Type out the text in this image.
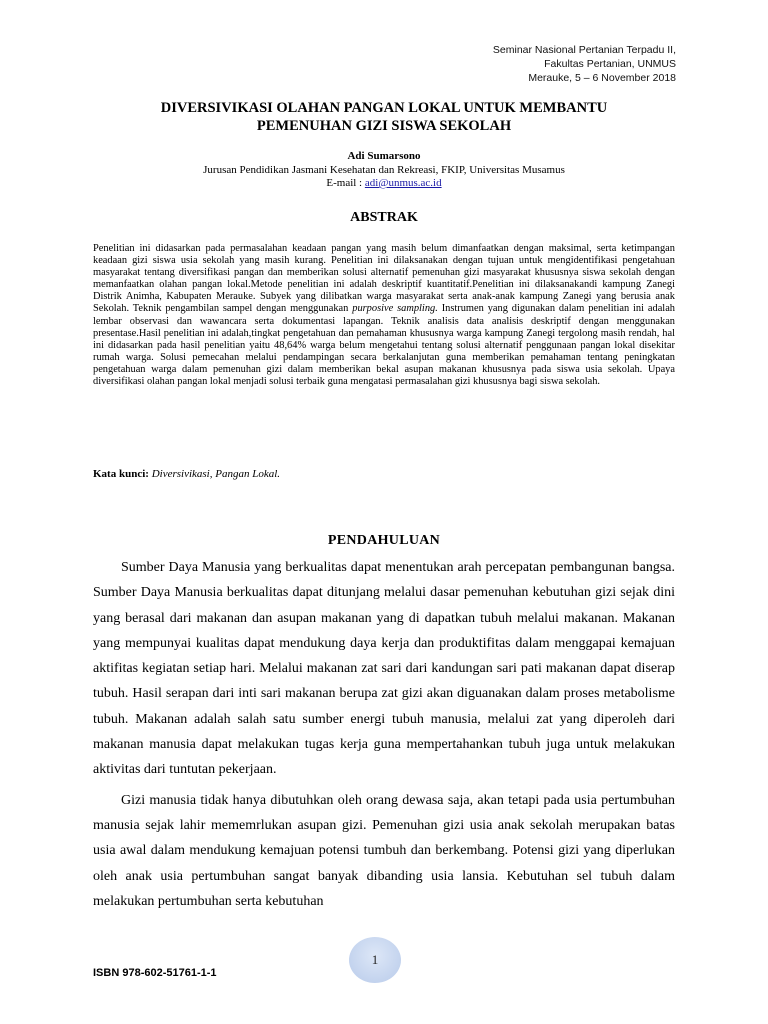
Seminar Nasional Pertanian Terpadu II,
Fakultas Pertanian, UNMUS
Merauke, 5 – 6 November 2018
DIVERSIVIKASI OLAHAN PANGAN LOKAL UNTUK MEMBANTU
PEMENUHAN GIZI SISWA SEKOLAH
Adi Sumarsono
Jurusan Pendidikan Jasmani Kesehatan dan Rekreasi, FKIP, Universitas Musamus
E-mail : adi@unmus.ac.id
ABSTRAK
Penelitian ini didasarkan pada permasalahan keadaan pangan yang masih belum dimanfaatkan dengan maksimal, serta ketimpangan keadaan gizi siswa usia sekolah yang masih kurang. Penelitian ini dilaksanakan dengan tujuan untuk mengidentifikasi pengetahuan masyarakat tentang diversifikasi pangan dan memberikan solusi alternatif pemenuhan gizi masyarakat khususnya siswa sekolah dengan memanfaatkan olahan pangan lokal.Metode penelitian ini adalah deskriptif kuantitatif.Penelitian ini dilaksanakandi kampung Zanegi Distrik Animha, Kabupaten Merauke. Subyek yang dilibatkan warga masyarakat serta anak-anak kampung Zanegi yang berusia anak Sekolah. Teknik pengambilan sampel dengan menggunakan purposive sampling. Instrumen yang digunakan dalam penelitian ini adalah lembar observasi dan wawancara serta dokumentasi lapangan. Teknik analisis data analisis deskriptif dengan menggunakan presentase.Hasil penelitian ini adalah,tingkat pengetahuan dan pemahaman khususnya warga kampung Zanegi tergolong masih rendah, hal ini didasarkan pada hasil penelitian yaitu 48,64% warga belum mengetahui tentang solusi alternatif penggunaan pangan lokal disekitar rumah warga. Solusi pemecahan melalui pendampingan secara berkalanjutan guna memberikan pemahaman tentang peningkatan pengetahuan warga dalam pemenuhan gizi dalam memberikan bekal asupan makanan khususnya pada siswa usia sekolah. Upaya diversifikasi olahan pangan lokal menjadi solusi terbaik guna mengatasi permasalahan gizi khususnya bagi siswa sekolah.
Kata kunci: Diversivikasi, Pangan Lokal.
PENDAHULUAN

Sumber Daya Manusia yang berkualitas dapat menentukan arah percepatan pembangunan bangsa. Sumber Daya Manusia berkualitas dapat ditunjang melalui dasar pemenuhan kebutuhan gizi sejak dini yang berasal dari makanan dan asupan makanan yang di dapatkan tubuh melalui makanan. Makanan yang mempunyai kualitas dapat mendukung daya kerja dan produktifitas dalam menggapai kemajuan aktifitas kegiatan setiap hari. Melalui makanan zat sari dari kandungan sari pati makanan dapat diserap tubuh. Hasil serapan dari inti sari makanan berupa zat gizi akan diguanakan dalam proses metabolisme tubuh. Makanan adalah salah satu sumber energi tubuh manusia, melalui zat yang diperoleh dari makanan manusia dapat melakukan tugas kerja guna mempertahankan tubuh juga untuk melakukan aktivitas dari tuntutan pekerjaan.

Gizi manusia tidak hanya dibutuhkan oleh orang dewasa saja, akan tetapi pada usia pertumbuhan manusia sejak lahir mememrlukan asupan gizi. Pemenuhan gizi usia anak sekolah merupakan batas usia awal dalam mendukung kemajuan potensi tumbuh dan berkembang. Potensi gizi yang diperlukan oleh anak usia pertumbuhan sangat banyak dibanding usia lansia. Kebutuhan sel tubuh dalam melakukan pertumbuhan serta kebutuhan

1
ISBN 978-602-51761-1-1
